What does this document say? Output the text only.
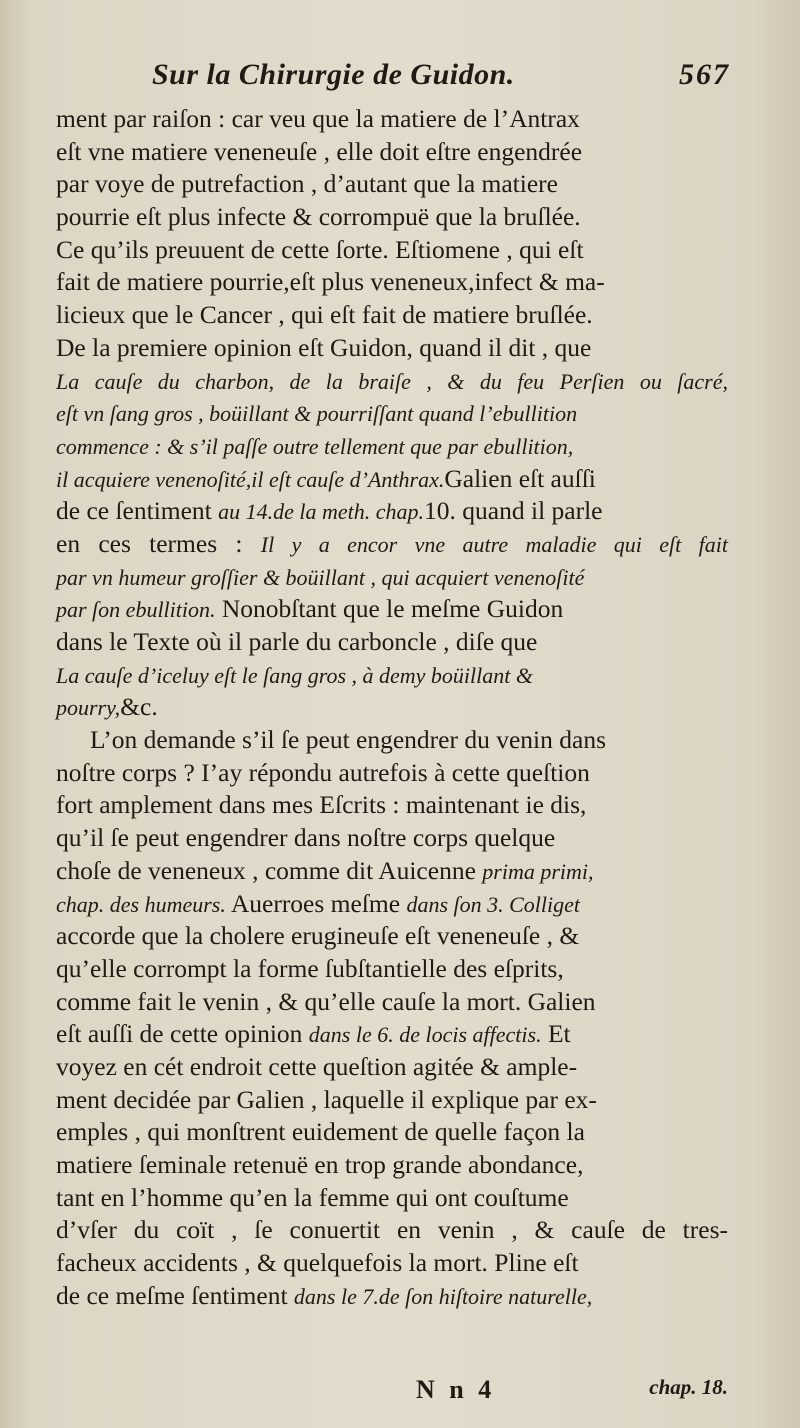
Sur la Chirurgie de Guidon.	567
ment par raiſon : car veu que la matiere de l’Antrax
eſt vne matiere veneneuſe , elle doit eſtre engendrée
par voye de putrefaction , d’autant que la matiere
pourrie eſt plus infecte & corrompuë que la bruſlée.
Ce qu’ils preuuent de cette ſorte. Eſtiomene , qui eſt
fait de matiere pourrie,eſt plus veneneux,infect & ma-
licieux que le Cancer , qui eſt fait de matiere bruſlée.
De la premiere opinion eſt Guidon, quand il dit , que
La cauſe du charbon, de la braiſe , & du feu Perſien ou ſacré,
eſt vn ſang gros , boüillant & pourriſſant quand l’ebullition
commence : & s’il paſſe outre tellement que par ebullition,
il acquiere venenoſité,il eſt cauſe d’Anthrax.Galien eſt auſſi
de ce ſentiment au 14.de la meth. chap.10. quand il parle
en ces termes : Il y a encor vne autre maladie qui eſt fait
par vn humeur groſſier & boüillant , qui acquiert venenoſité
par ſon ebullition. Nonobſtant que le meſme Guidon
dans le Texte où il parle du carboncle , diſe que
La cauſe d’iceluy eſt le ſang gros , à demy boüillant &
pourry,&c.
L’on demande s’il ſe peut engendrer du venin dans
noſtre corps ? I’ay répondu autrefois à cette queſtion
fort amplement dans mes Eſcrits : maintenant ie dis,
qu’il ſe peut engendrer dans noſtre corps quelque
choſe de veneneux , comme dit Auicenne prima primi,
chap. des humeurs. Auerroes meſme dans ſon 3. Colliget
accorde que la cholere erugineuſe eſt veneneuſe , &
qu’elle corrompt la forme ſubſtantielle des eſprits,
comme fait le venin , & qu’elle cauſe la mort. Galien
eſt auſſi de cette opinion dans le 6. de locis affectis. Et
voyez en cét endroit cette queſtion agitée & ample-
ment decidée par Galien , laquelle il explique par ex-
emples , qui monſtrent euidement de quelle façon la
matiere ſeminale retenuë en trop grande abondance,
tant en l’homme qu’en la femme qui ont couſtume
d’vſer du coït , ſe conuertit en venin , & cauſe de tres-
facheux accidents , & quelquefois la mort. Pline eſt
de ce meſme ſentiment dans le 7.de ſon hiſtoire naturelle,
N n 4	chap. 18.
